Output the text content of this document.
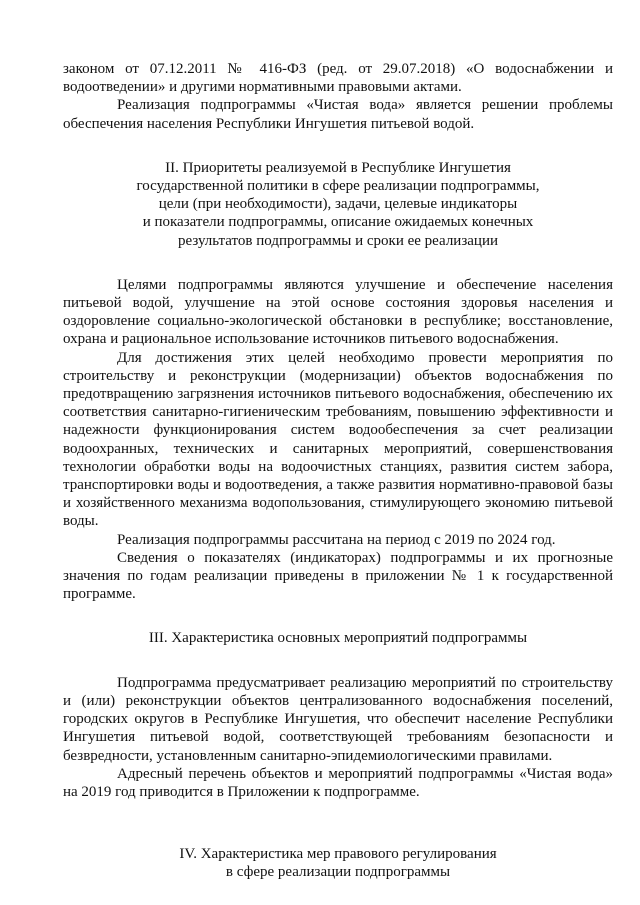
законом от 07.12.2011 № 416-ФЗ (ред. от 29.07.2018) «О водоснабжении и водоотведении» и другими нормативными правовыми актами.

Реализация подпрограммы «Чистая вода» является решении проблемы обеспечения населения Республики Ингушетия питьевой водой.

II. Приоритеты реализуемой в Республике Ингушетия
государственной политики в сфере реализации подпрограммы,
цели (при необходимости), задачи, целевые индикаторы
и показатели подпрограммы, описание ожидаемых конечных
результатов подпрограммы и сроки ее реализации

Целями подпрограммы являются улучшение и обеспечение населения питьевой водой, улучшение на этой основе состояния здоровья населения и оздоровление социально-экологической обстановки в республике; восстановление, охрана и рациональное использование источников питьевого водоснабжения.

Для достижения этих целей необходимо провести мероприятия по строительству и реконструкции (модернизации) объектов водоснабжения по предотвращению загрязнения источников питьевого водоснабжения, обеспечению их соответствия санитарно-гигиеническим требованиям, повышению эффективности и надежности функционирования систем водообеспечения за счет реализации водоохранных, технических и санитарных мероприятий, совершенствования технологии обработки воды на водоочистных станциях, развития систем забора, транспортировки воды и водоотведения, а также развития нормативно-правовой базы и хозяйственного механизма водопользования, стимулирующего экономию питьевой воды.

Реализация подпрограммы рассчитана на период с 2019 по 2024 год.

Сведения о показателях (индикаторах) подпрограммы и их прогнозные значения по годам реализации приведены в приложении № 1 к государственной программе.

III. Характеристика основных мероприятий подпрограммы

Подпрограмма предусматривает реализацию мероприятий по строительству и (или) реконструкции объектов централизованного водоснабжения поселений, городских округов в Республике Ингушетия, что обеспечит население Республики Ингушетия питьевой водой, соответствующей требованиям безопасности и безвредности, установленным санитарно-эпидемиологическими правилами.

Адресный перечень объектов и мероприятий подпрограммы «Чистая вода» на 2019 год приводится в Приложении к подпрограмме.

IV. Характеристика мер правового регулирования
в сфере реализации подпрограммы
